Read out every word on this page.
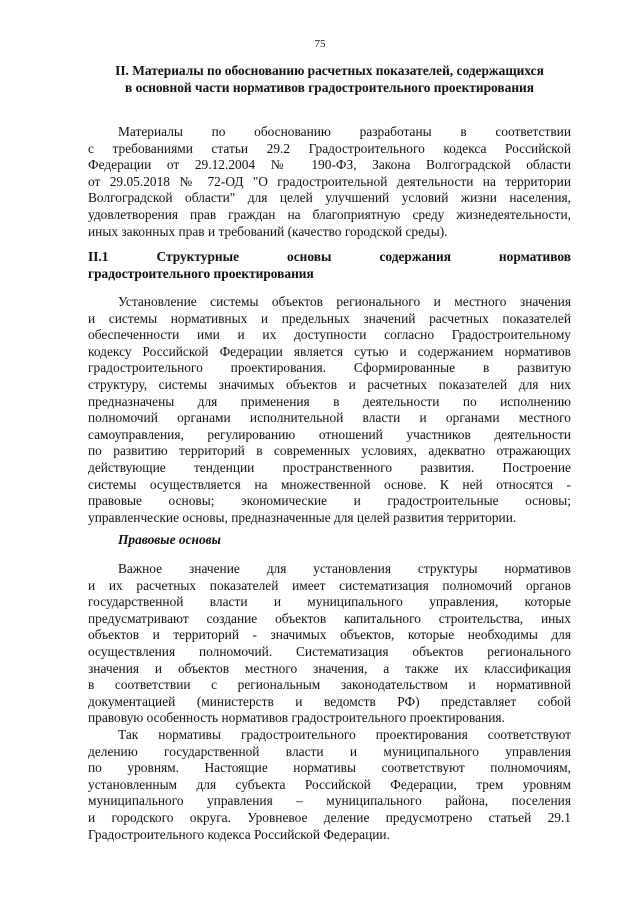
75
II. Материалы по обоснованию расчетных показателей, содержащихся
в основной части нормативов градостроительного проектирования
Материалы по обоснованию разработаны в соответствии
с требованиями статьи 29.2 Градостроительного кодекса Российской
Федерации от 29.12.2004 № 190-ФЗ, Закона Волгоградской области
от 29.05.2018 № 72-ОД "О градостроительной деятельности на территории
Волгоградской области" для целей улучшений условий жизни населения,
удовлетворения прав граждан на благоприятную среду жизнедеятельности,
иных законных прав и требований (качество городской среды).
II.1 Структурные основы содержания нормативов
градостроительного проектирования
Установление системы объектов регионального и местного значения
и системы нормативных и предельных значений расчетных показателей
обеспеченности ими и их доступности согласно Градостроительному
кодексу Российской Федерации является сутью и содержанием нормативов
градостроительного проектирования. Сформированные в развитую
структуру, системы значимых объектов и расчетных показателей для них
предназначены для применения в деятельности по исполнению
полномочий органами исполнительной власти и органами местного
самоуправления, регулированию отношений участников деятельности
по развитию территорий в современных условиях, адекватно отражающих
действующие тенденции пространственного развития. Построение
системы осуществляется на множественной основе. К ней относятся -
правовые основы; экономические и градостроительные основы;
управленческие основы, предназначенные для целей развития территории.
Правовые основы
Важное значение для установления структуры нормативов
и их расчетных показателей имеет систематизация полномочий органов
государственной власти и муниципального управления, которые
предусматривают создание объектов капитального строительства, иных
объектов и территорий - значимых объектов, которые необходимы для
осуществления полномочий. Систематизация объектов регионального
значения и объектов местного значения, а также их классификация
в соответствии с региональным законодательством и нормативной
документацией (министерств и ведомств РФ) представляет собой
правовую особенность нормативов градостроительного проектирования.
Так нормативы градостроительного проектирования соответствуют
делению государственной власти и муниципального управления
по уровням. Настоящие нормативы соответствуют полномочиям,
установленным для субъекта Российской Федерации, трем уровням
муниципального управления – муниципального района, поселения
и городского округа. Уровневое деление предусмотрено статьей 29.1
Градостроительного кодекса Российской Федерации.
